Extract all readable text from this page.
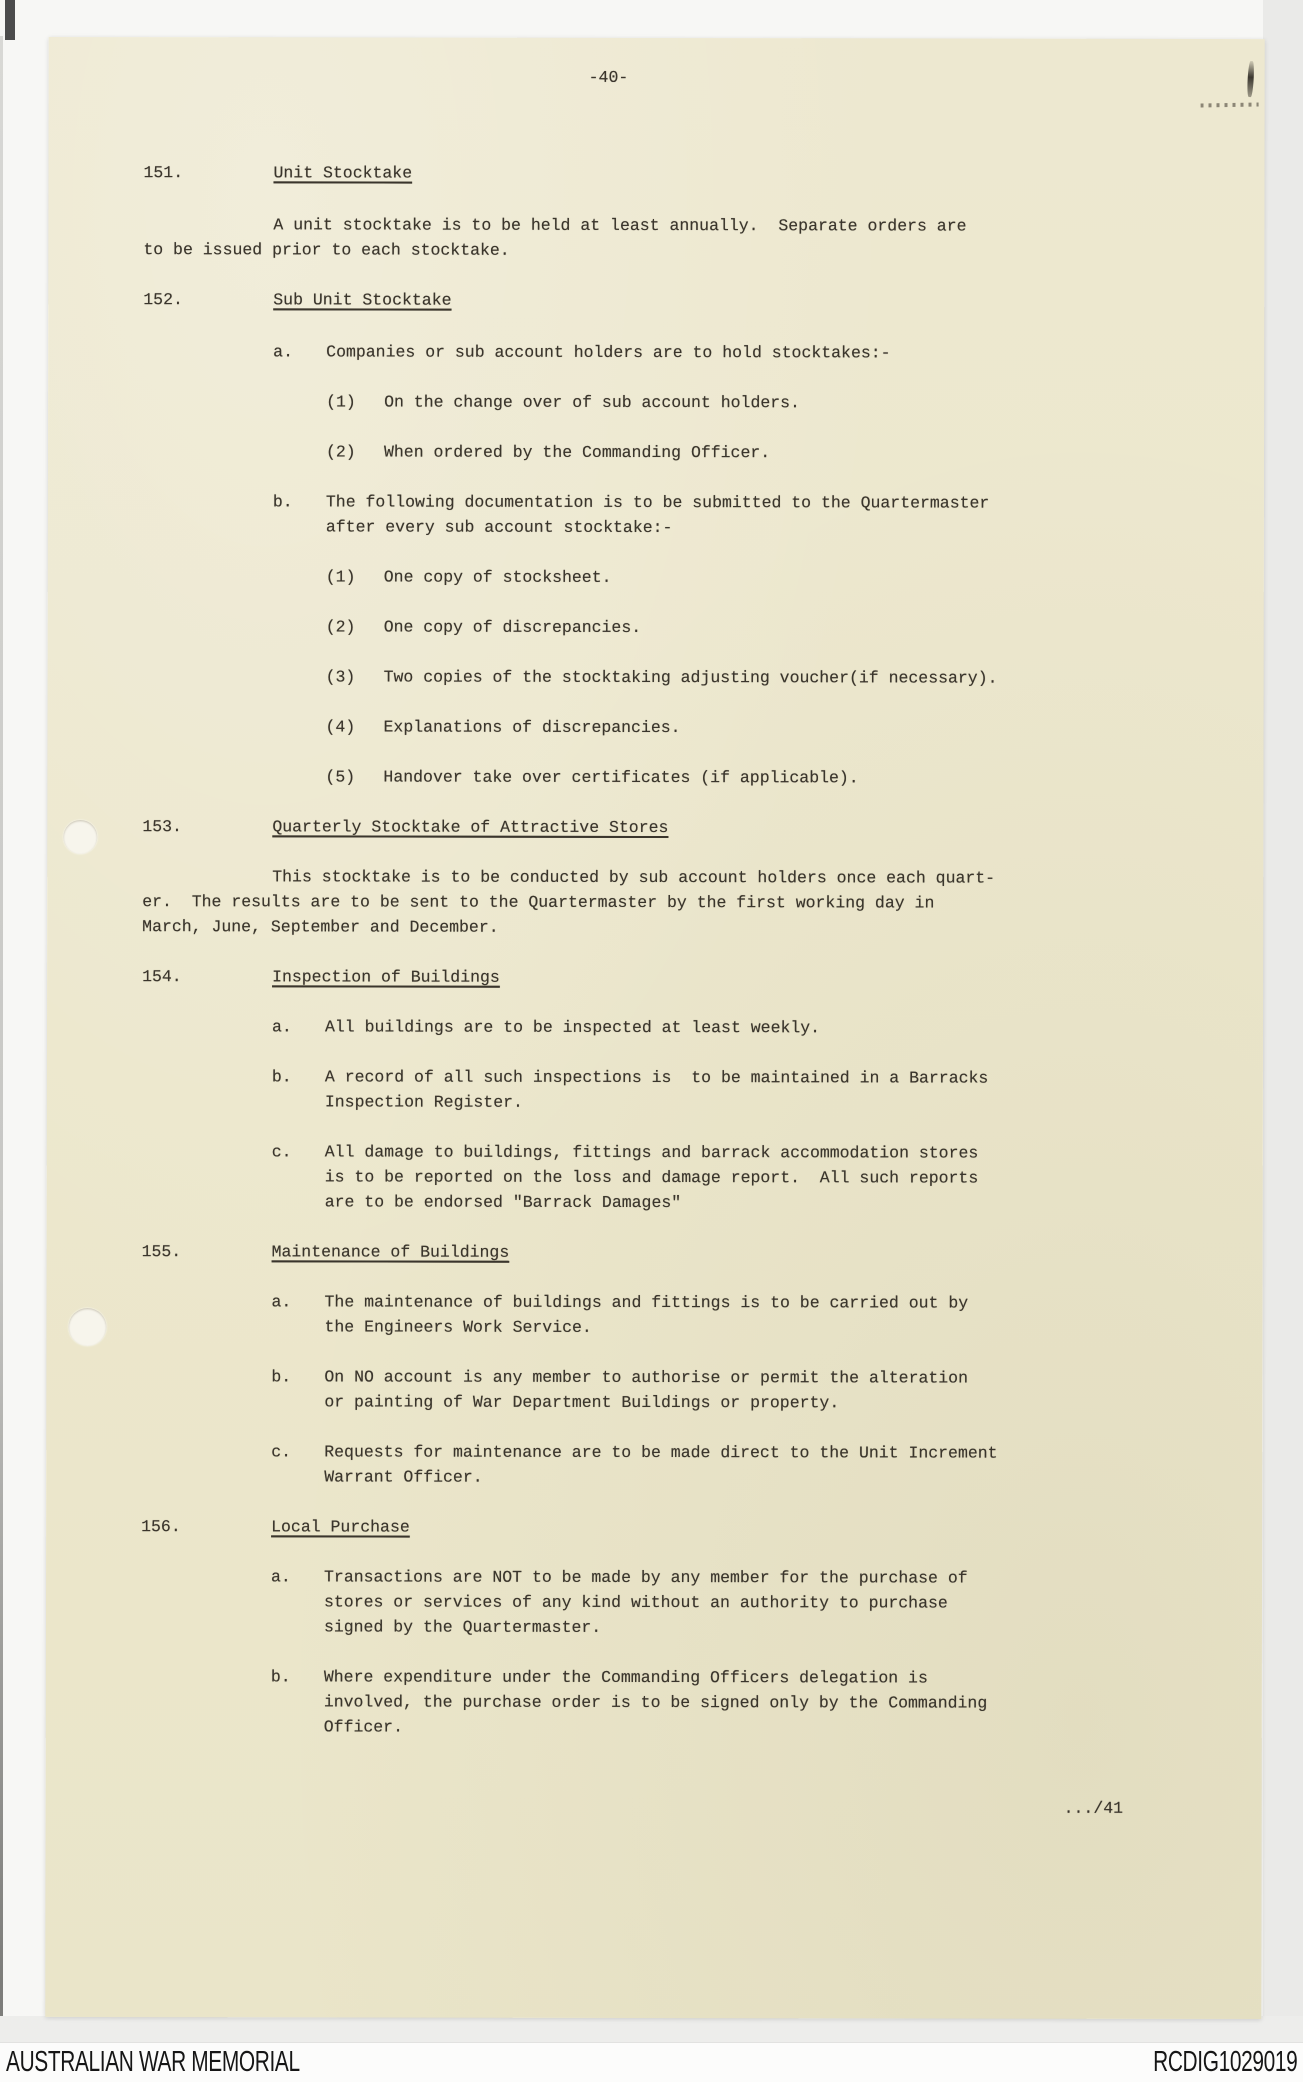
-40-
151.	Unit Stocktake
A unit stocktake is to be held at least annually.  Separate orders are
to be issued prior to each stocktake.
152.	Sub Unit Stocktake
a. Companies or sub account holders are to hold stocktakes:-
(1) On the change over of sub account holders.
(2) When ordered by the Commanding Officer.
b. The following documentation is to be submitted to the Quartermaster
after every sub account stocktake:-
(1) One copy of stocksheet.
(2) One copy of discrepancies.
(3) Two copies of the stocktaking adjusting voucher(if necessary).
(4) Explanations of discrepancies.
(5) Handover take over certificates (if applicable).
153.	Quarterly Stocktake of Attractive Stores
This stocktake is to be conducted by sub account holders once each quart-
er.  The results are to be sent to the Quartermaster by the first working day in
March, June, September and December.
154.	Inspection of Buildings
a. All buildings are to be inspected at least weekly.
b. A record of all such inspections is  to be maintained in a Barracks
Inspection Register.
c. All damage to buildings, fittings and barrack accommodation stores
is to be reported on the loss and damage report.  All such reports
are to be endorsed "Barrack Damages"
155.	Maintenance of Buildings
a. The maintenance of buildings and fittings is to be carried out by
the Engineers Work Service.
b. On NO account is any member to authorise or permit the alteration
or painting of War Department Buildings or property.
c. Requests for maintenance are to be made direct to the Unit Increment
Warrant Officer.
156.	Local Purchase
a. Transactions are NOT to be made by any member for the purchase of
stores or services of any kind without an authority to purchase
signed by the Quartermaster.
b. Where expenditure under the Commanding Officers delegation is
involved, the purchase order is to be signed only by the Commanding
Officer.
.../41
AUSTRALIAN WAR MEMORIAL	RCDIG1029019
